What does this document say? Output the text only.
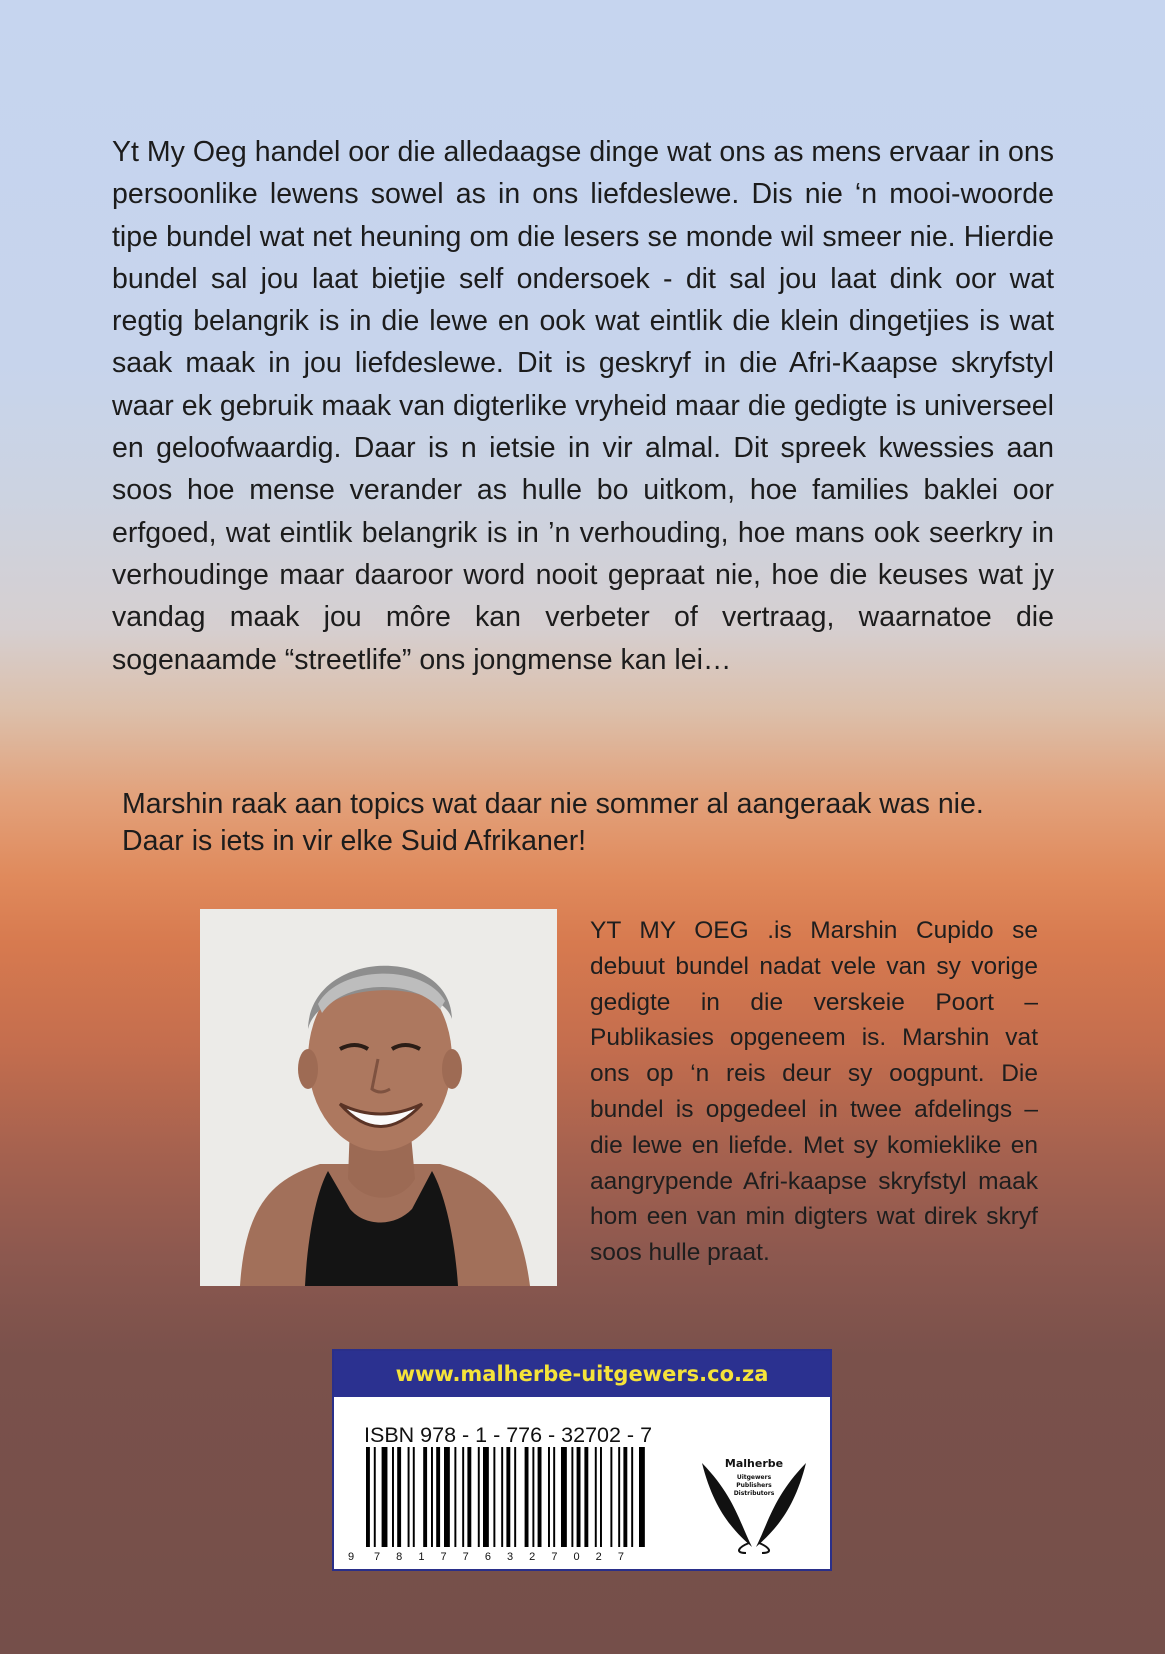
Yt My Oeg handel oor die alledaagse dinge wat ons as mens ervaar in ons persoonlike lewens sowel as in ons liefdeslewe. Dis nie ‘n mooi-woorde tipe bundel wat net heuning om die lesers se monde wil smeer nie. Hierdie bundel sal jou laat bietjie self ondersoek - dit sal jou laat dink oor wat regtig belangrik is in die lewe en ook wat eintlik die klein dingetjies is wat saak maak in jou liefdeslewe. Dit is geskryf in die Afri-Kaapse skryfstyl waar ek gebruik maak van digterlike vryheid maar die gedigte is universeel en geloofwaardig. Daar is n ietsie in vir almal. Dit spreek kwessies aan soos hoe mense verander as hulle bo uitkom, hoe families baklei oor erfgoed, wat eintlik belangrik is in ’n verhouding, hoe mans ook seerkry in verhoudinge maar daaroor word nooit gepraat nie, hoe die keuses wat jy vandag maak jou môre kan verbeter of vertraag, waarnatoe die sogenaamde “streetlife” ons jongmense kan lei…

Marshin raak aan topics wat daar nie sommer al aangeraak was nie.
Daar is iets in vir elke Suid Afrikaner!

YT MY OEG .is Marshin Cupido se debuut bundel nadat vele van sy vorige gedigte in die verskeie Poort – Publikasies opgeneem is. Marshin vat ons op ‘n reis deur sy oogpunt. Die bundel is opgedeel in twee afdelings – die lewe en liefde. Met sy komieklike en aangrypende Afri-kaapse skryfstyl maak hom een van min digters wat direk skryf soos hulle praat.

www.malherbe-uitgewers.co.za
ISBN 978 - 1 - 776 - 32702 - 7
9 7 8 1 7 7 6 3 2 7 0 2 7
Malherbe
Uitgewers
Publishers
Distributors
